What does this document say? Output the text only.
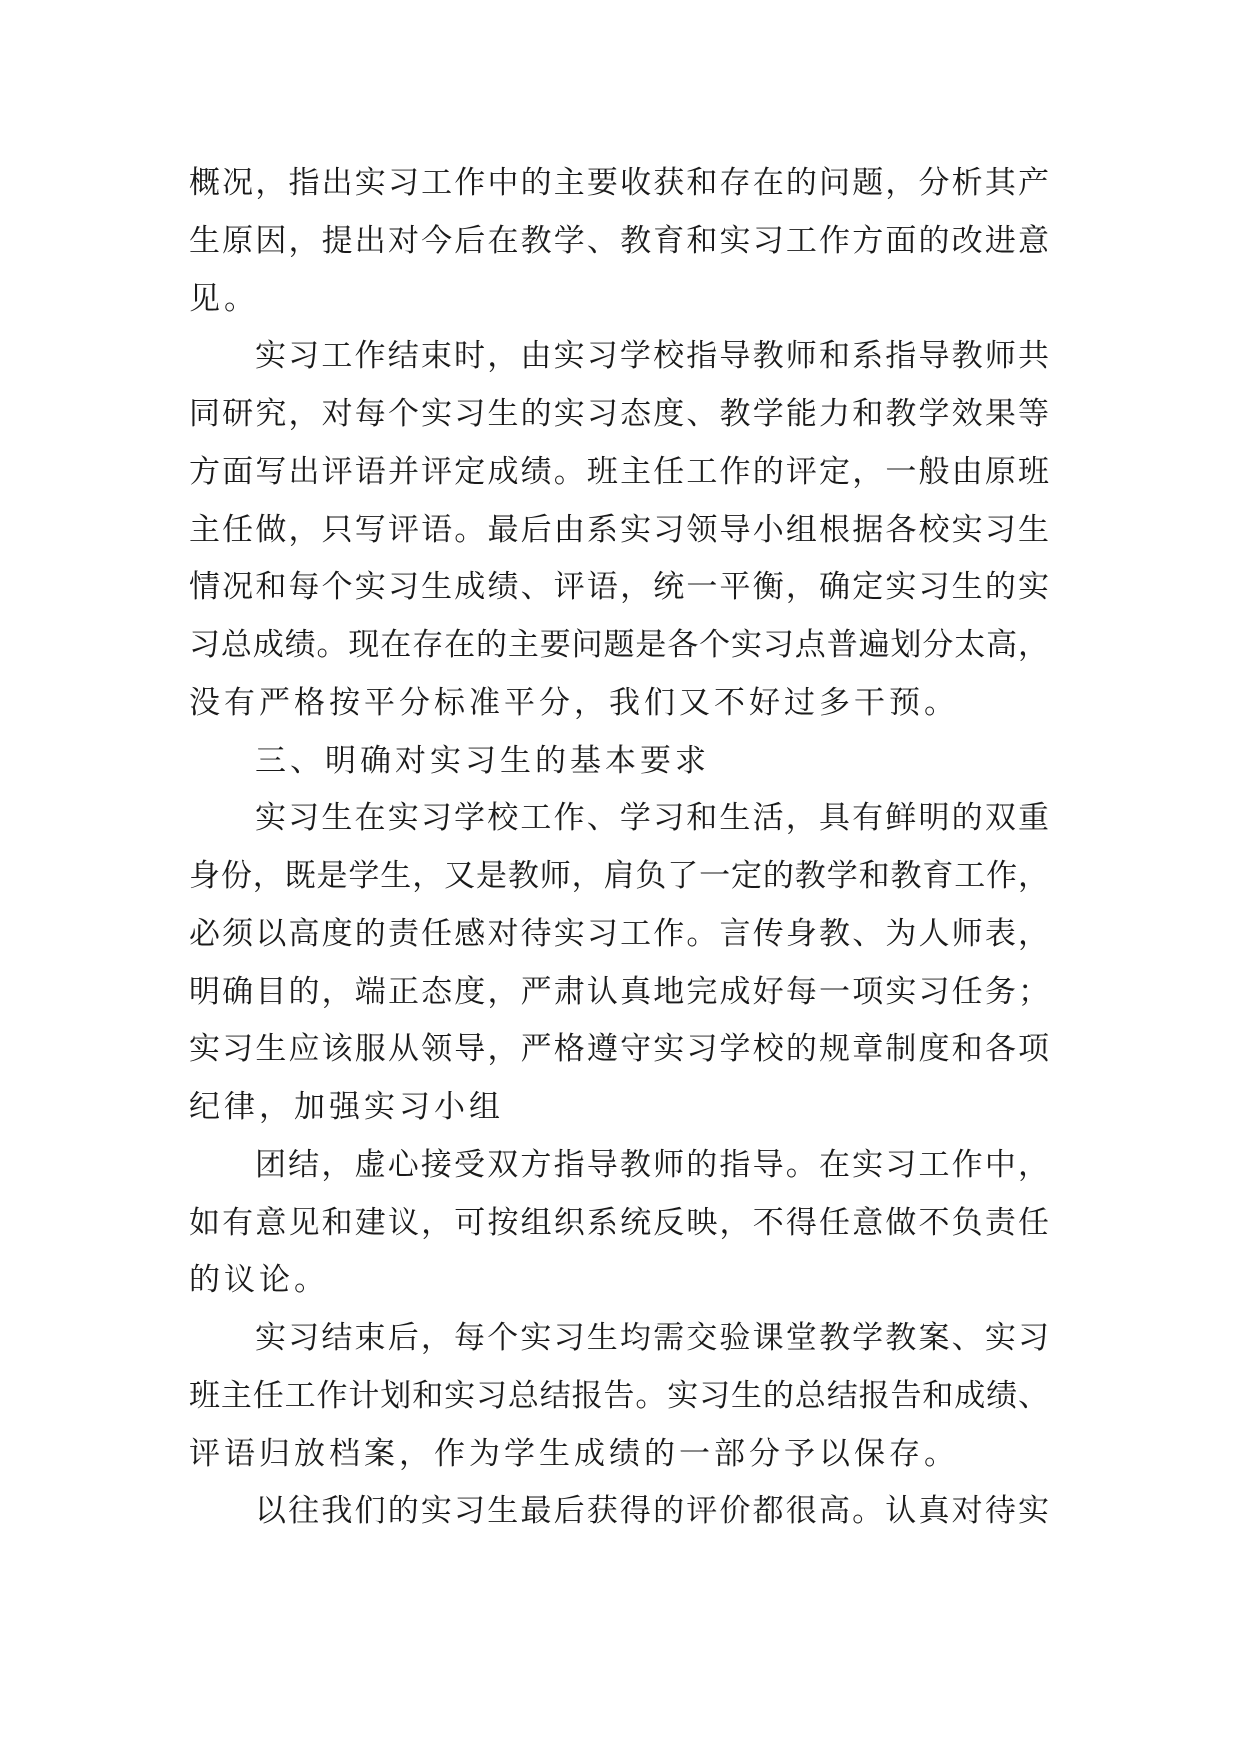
概况，指出实习工作中的主要收获和存在的问题，分析其产
生原因，提出对今后在教学、教育和实习工作方面的改进意
见。
实习工作结束时，由实习学校指导教师和系指导教师共
同研究，对每个实习生的实习态度、教学能力和教学效果等
方面写出评语并评定成绩。班主任工作的评定，一般由原班
主任做，只写评语。最后由系实习领导小组根据各校实习生
情况和每个实习生成绩、评语，统一平衡，确定实习生的实
习总成绩。现在存在的主要问题是各个实习点普遍划分太高，
没有严格按平分标准平分，我们又不好过多干预。
三、明确对实习生的基本要求
实习生在实习学校工作、学习和生活，具有鲜明的双重
身份，既是学生，又是教师，肩负了一定的教学和教育工作，
必须以高度的责任感对待实习工作。言传身教、为人师表，
明确目的，端正态度，严肃认真地完成好每一项实习任务；
实习生应该服从领导，严格遵守实习学校的规章制度和各项
纪律，加强实习小组
团结，虚心接受双方指导教师的指导。在实习工作中，
如有意见和建议，可按组织系统反映，不得任意做不负责任
的议论。
实习结束后，每个实习生均需交验课堂教学教案、实习
班主任工作计划和实习总结报告。实习生的总结报告和成绩、
评语归放档案，作为学生成绩的一部分予以保存。
以往我们的实习生最后获得的评价都很高。认真对待实
